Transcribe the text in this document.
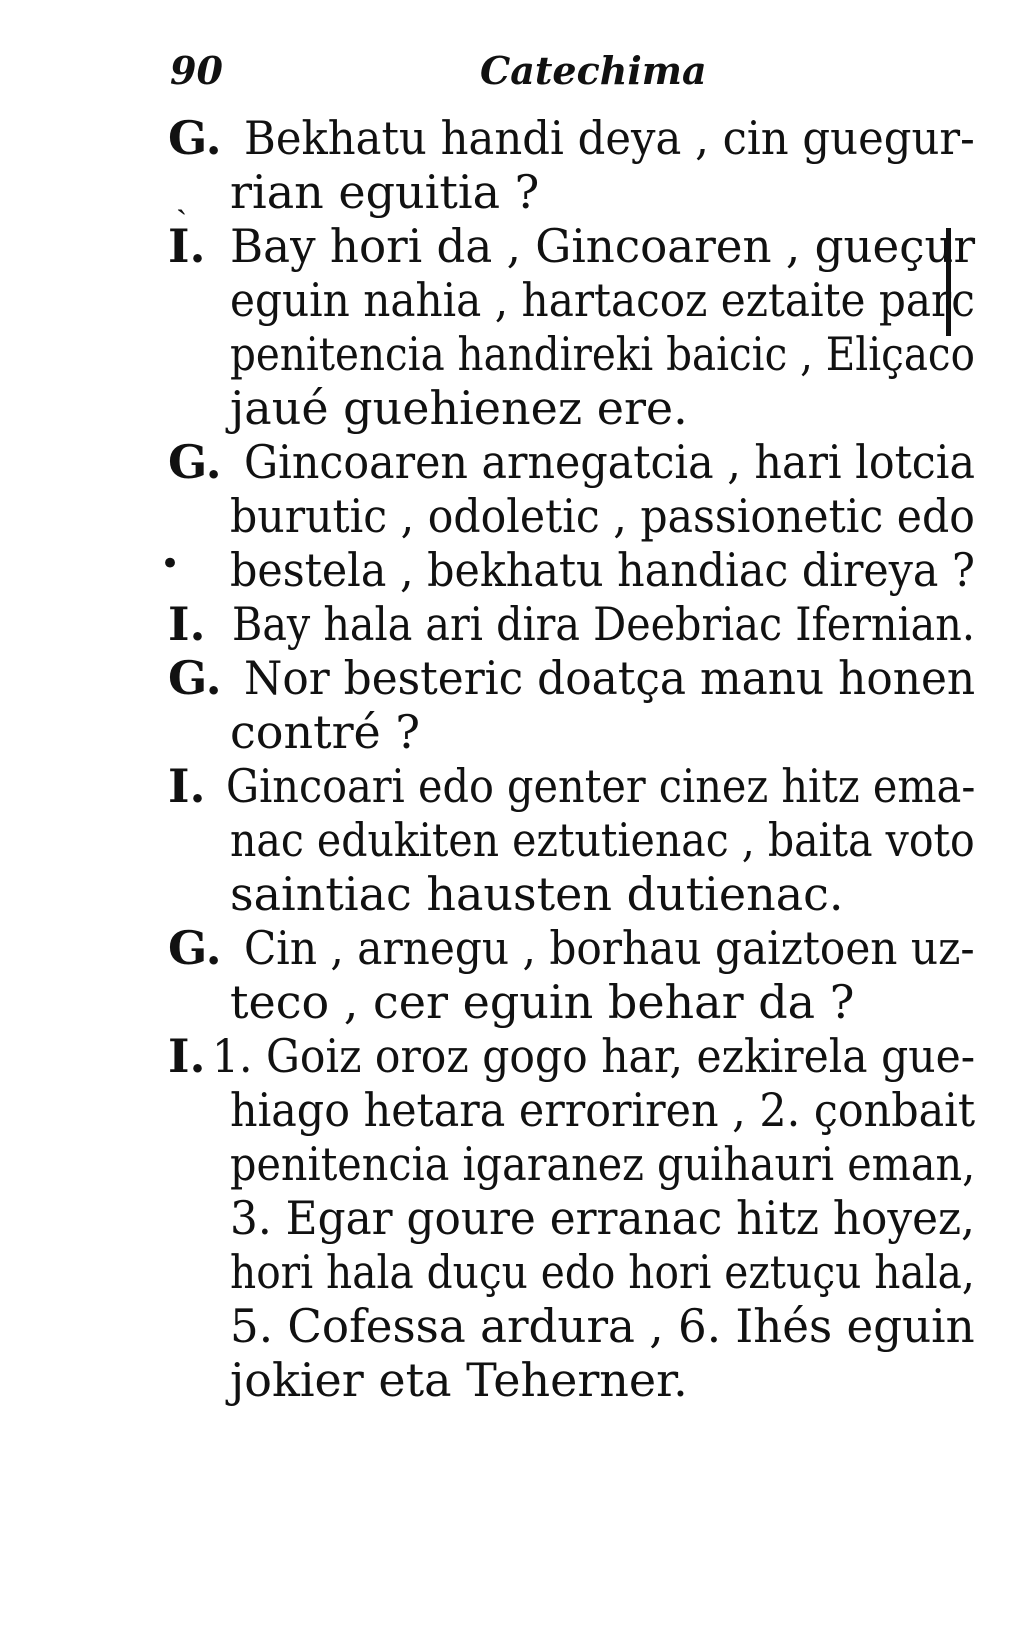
90	Catechima
G.
I.
G.
I.
G.
I.
G.
I.
ˏ
•
Bekhatu handi deya , cin guegur-
rian eguitia ?
Bay hori da , Gincoaren , gueçur
eguin nahia , hartacoz eztaite parc
penitencia handireki baicic , Eliçaco
jaué guehienez ere.
Gincoaren arnegatcia , hari lotcia
burutic , odoletic , passionetic edo
bestela , bekhatu handiac direya ?
Bay hala ari dira Deebriac Ifernian.
Nor besteric doatça manu honen
contré ?
Gincoari edo genter cinez hitz ema-
nac edukiten eztutienac , baita voto
saintiac hausten dutienac.
Cin , arnegu , borhau gaiztoen uz-
teco , cer eguin behar da ?
1. Goiz oroz gogo har, ezkirela gue-
hiago hetara erroriren , 2. çonbait
penitencia igaranez guihauri eman,
3. Egar goure erranac hitz hoyez,
hori hala duçu edo hori eztuçu hala,
5. Cofessa ardura , 6. Ihés eguin
jokier eta Teherner.
